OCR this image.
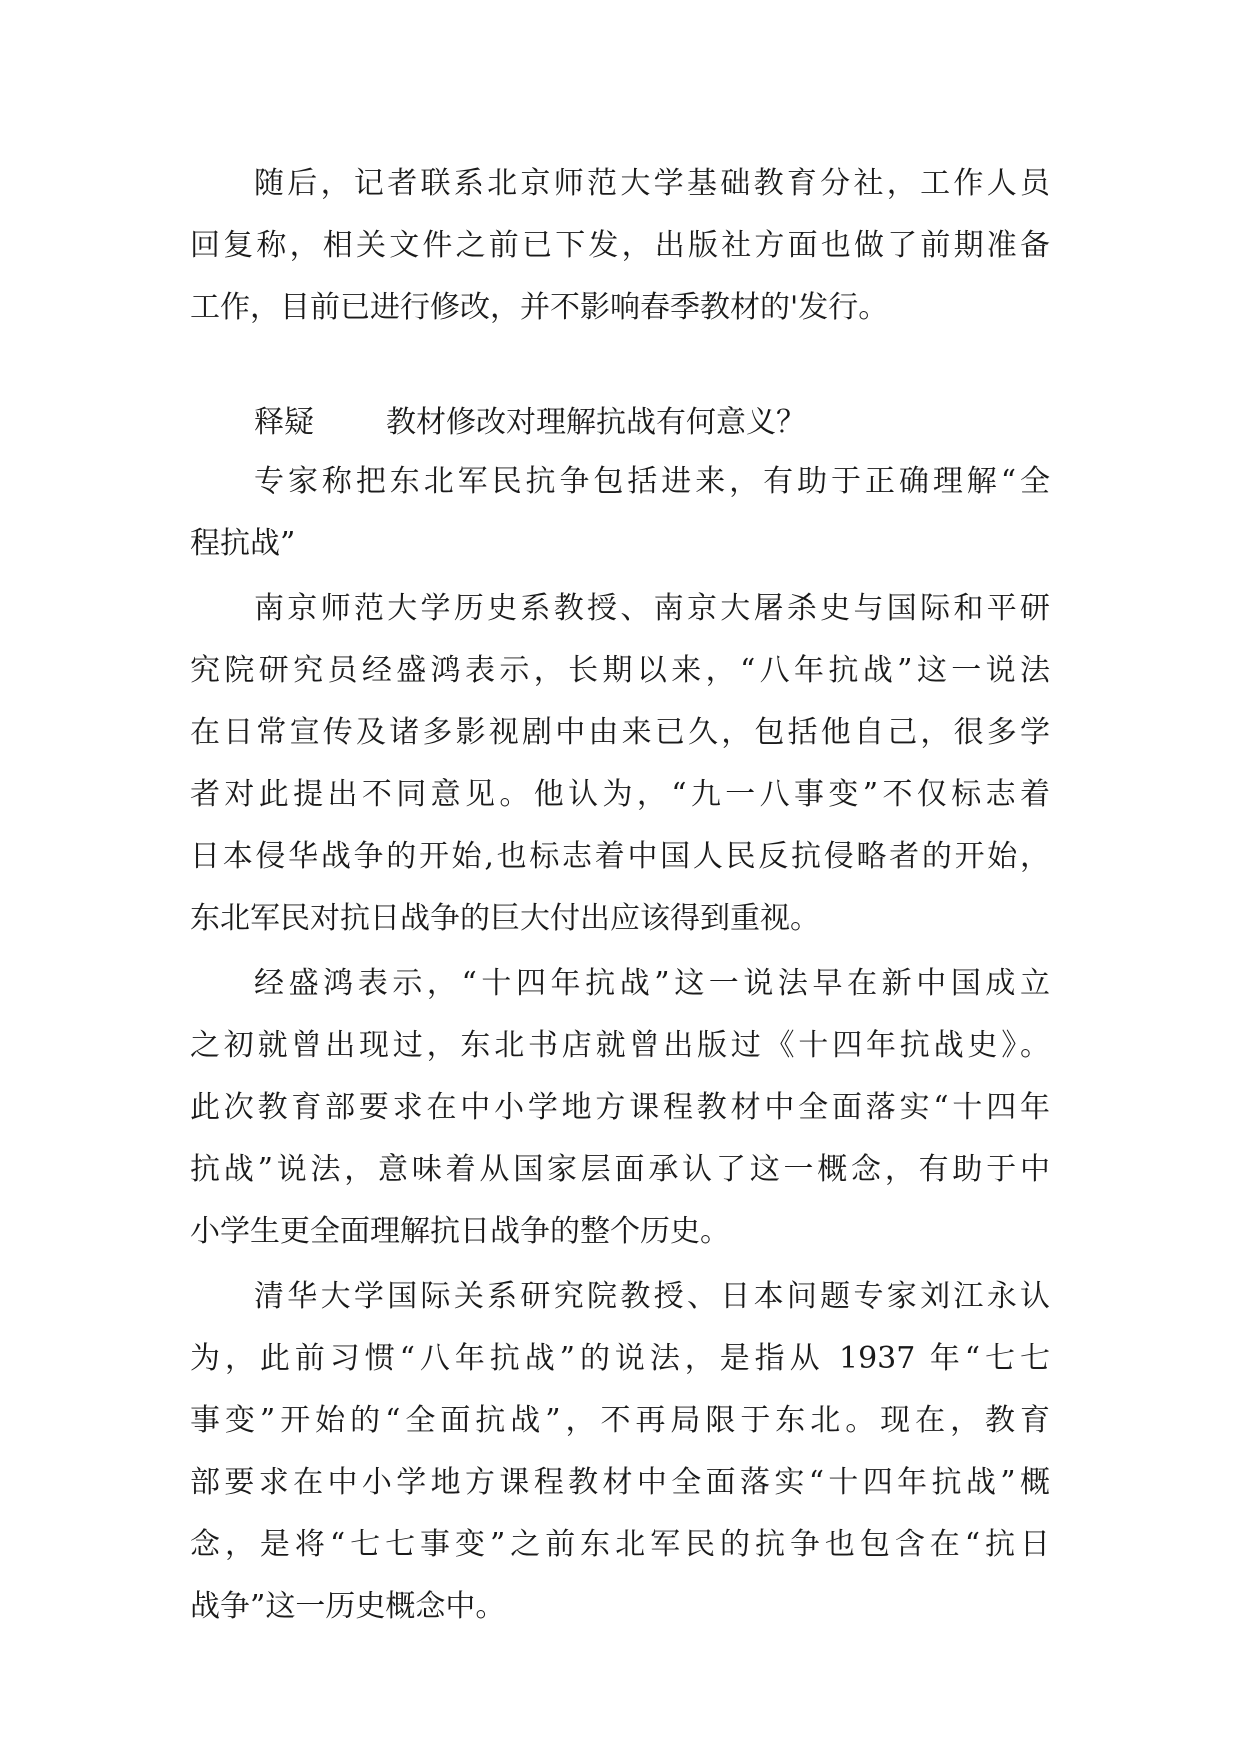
随后，记者联系北京师范大学基础教育分社，工作人员
回复称，相关文件之前已下发，出版社方面也做了前期准备
工作，目前已进行修改，并不影响春季教材的'发行。
释疑 教材修改对理解抗战有何意义？
专家称把东北军民抗争包括进来，有助于正确理解“全
程抗战”
南京师范大学历史系教授、南京大屠杀史与国际和平研
究院研究员经盛鸿表示，长期以来，“八年抗战”这一说法
在日常宣传及诸多影视剧中由来已久，包括他自己，很多学
者对此提出不同意见。他认为，“九一八事变”不仅标志着
日本侵华战争的开始,也标志着中国人民反抗侵略者的开始，
东北军民对抗日战争的巨大付出应该得到重视。
经盛鸿表示，“十四年抗战”这一说法早在新中国成立
之初就曾出现过，东北书店就曾出版过《十四年抗战史》。
此次教育部要求在中小学地方课程教材中全面落实“十四年
抗战”说法，意味着从国家层面承认了这一概念，有助于中
小学生更全面理解抗日战争的整个历史。
清华大学国际关系研究院教授、日本问题专家刘江永认
为，此前习惯“八年抗战”的说法，是指从 1937 年“七七
事变”开始的“全面抗战”，不再局限于东北。现在，教育
部要求在中小学地方课程教材中全面落实“十四年抗战”概
念，是将“七七事变”之前东北军民的抗争也包含在“抗日
战争”这一历史概念中。
